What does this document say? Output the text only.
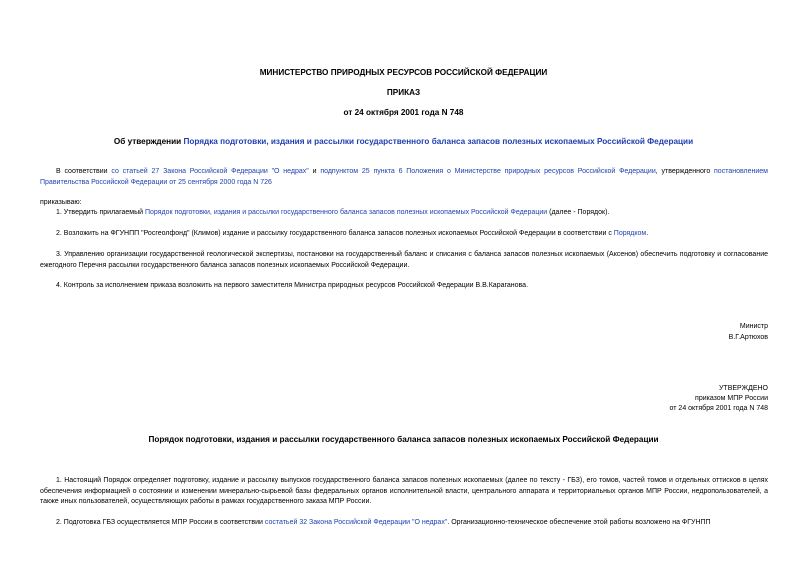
МИНИСТЕРСТВО ПРИРОДНЫХ РЕСУРСОВ РОССИЙСКОЙ ФЕДЕРАЦИИ
ПРИКАЗ
от 24 октября 2001 года N 748
Об утверждении Порядка подготовки, издания и рассылки государственного баланса запасов полезных ископаемых Российской Федерации
В соответствии со статьей 27 Закона Российской Федерации "О недрах" и подпунктом 25 пункта 6 Положения о Министерстве природных ресурсов Российской Федерации, утвержденного постановлением Правительства Российской Федерации от 25 сентября 2000 года N 726
приказываю:
1. Утвердить прилагаемый Порядок подготовки, издания и рассылки государственного баланса запасов полезных ископаемых Российской Федерации (далее - Порядок).
2. Возложить на ФГУНПП "Росгеолфонд" (Климов) издание и рассылку государственного баланса запасов полезных ископаемых Российской Федерации в соответствии с Порядком.
3. Управлению организации государственной геологической экспертизы, постановки на государственный баланс и списания с баланса запасов полезных ископаемых (Аксенов) обеспечить подготовку и согласование ежегодного Перечня рассылки государственного баланса запасов полезных ископаемых Российской Федерации.
4. Контроль за исполнением приказа возложить на первого заместителя Министра природных ресурсов Российской Федерации В.В.Караганова.
Министр
В.Г.Артюхов
УТВЕРЖДЕНО
приказом МПР России
от 24 октября 2001 года N 748
Порядок подготовки, издания и рассылки государственного баланса запасов полезных ископаемых Российской Федерации
1. Настоящий Порядок определяет подготовку, издание и рассылку выпусков государственного баланса запасов полезных ископаемых (далее по тексту - ГБЗ), его томов, частей томов и отдельных оттисков в целях обеспечения информацией о состоянии и изменении минерально-сырьевой базы федеральных органов исполнительной власти, центрального аппарата и территориальных органов МПР России, недропользователей, а также иных пользователей, осуществляющих работы в рамках государственного заказа МПР России.
2. Подготовка ГБЗ осуществляется МПР России в соответствии состатьей 32 Закона Российской Федерации "О недрах". Организационно-техническое обеспечение этой работы возложено на ФГУНПП
